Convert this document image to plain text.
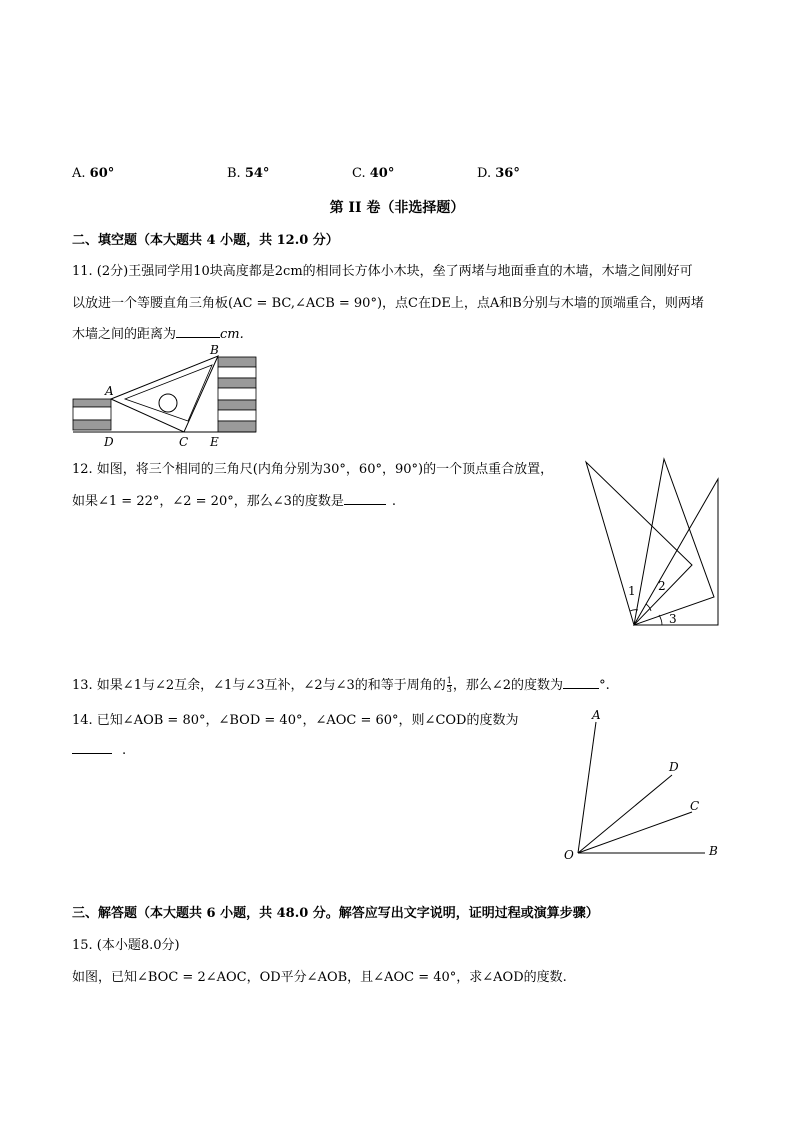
A. 60°	B. 54°	C. 40°	D. 36°
第 II 卷（非选择题）
二、填空题（本大题共 4 小题，共 12.0 分）
11. (2分)王强同学用10块高度都是2cm的相同长方体小木块，垒了两堵与地面垂直的木墙，木墙之间刚好可
以放进一个等腰直角三角板(AC = BC,∠ACB = 90°)，点C在DE上，点A和B分别与木墙的顶端重合，则两堵
木墙之间的距离为	cm.
A
B
D	C E
12. 如图，将三个相同的三角尺(内角分别为30°，60°，90°)的一个顶点重合放置，
如果∠1 = 22°，∠2 = 20°，那么∠3的度数是	.
1 2
3
13. 如果∠1与∠2互余，∠1与∠3互补，∠2与∠3的和等于周角的 $\frac{1}{3}$ ，那么∠2的度数为	°.
14. 已知∠AOB = 80°，∠BOD = 40°，∠AOC = 60°，则∠COD的度数为
.
A
D
C
O	B
三、解答题（本大题共 6 小题，共 48.0 分。解答应写出文字说明，证明过程或演算步骤）
15. (本小题8.0分)
如图，已知∠BOC = 2∠AOC，OD平分∠AOB，且∠AOC = 40°，求∠AOD的度数.
